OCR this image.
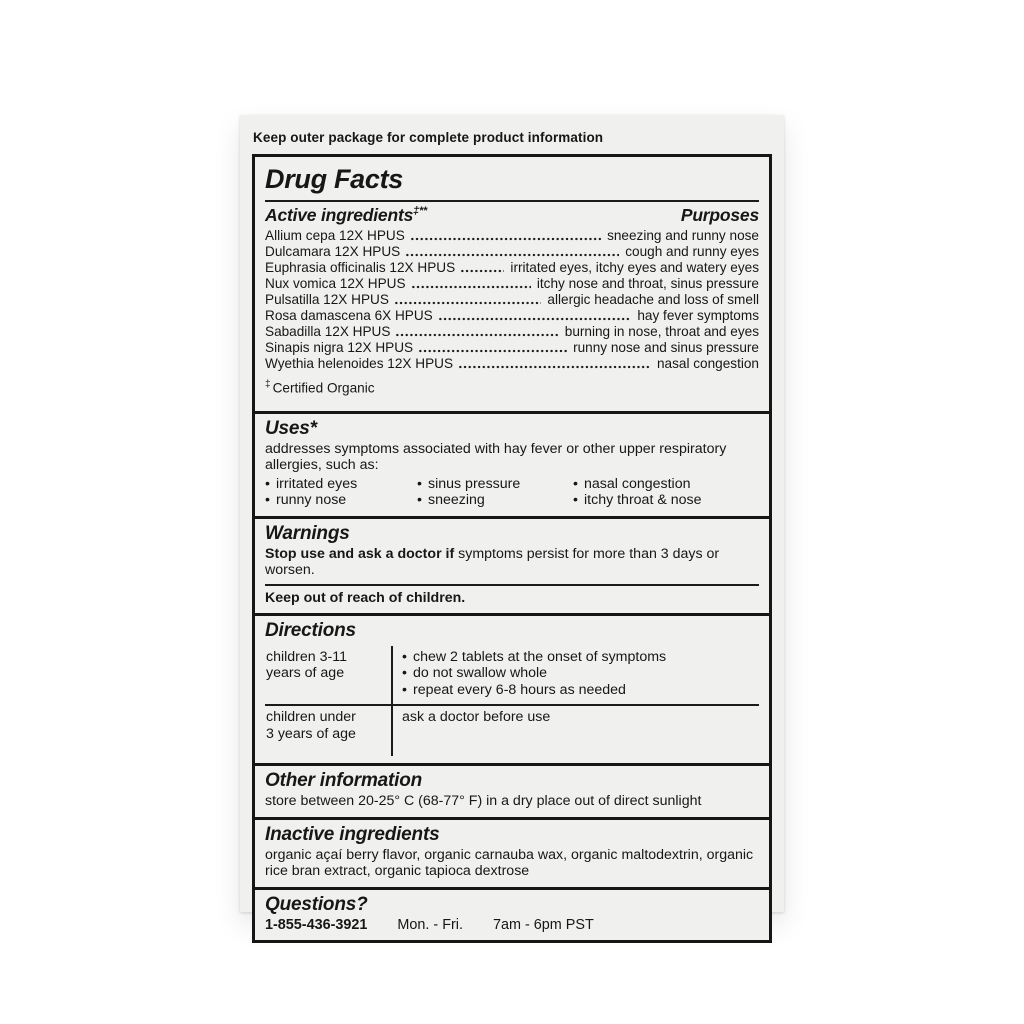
Keep outer package for complete product information
Drug Facts
Active ingredients‡**	Purposes
Allium cepa 12X HPUS	sneezing and runny nose
Dulcamara 12X HPUS	cough and runny eyes
Euphrasia officinalis 12X HPUS	irritated eyes, itchy eyes and watery eyes
Nux vomica 12X HPUS	itchy nose and throat, sinus pressure
Pulsatilla 12X HPUS	allergic headache and loss of smell
Rosa damascena 6X HPUS	hay fever symptoms
Sabadilla 12X HPUS	burning in nose, throat and eyes
Sinapis nigra 12X HPUS	runny nose and sinus pressure
Wyethia helenoides 12X HPUS	nasal congestion
‡ Certified Organic
Uses*
addresses symptoms associated with hay fever or other upper respiratory allergies, such as:
• irritated eyes
• runny nose
• sinus pressure
• sneezing
• nasal congestion
• itchy throat & nose
Warnings
Stop use and ask a doctor if symptoms persist for more than 3 days or worsen.
Keep out of reach of children.
Directions
children 3-11 years of age
• chew 2 tablets at the onset of symptoms
• do not swallow whole
• repeat every 6-8 hours as needed
children under 3 years of age
ask a doctor before use
Other information
store between 20-25° C (68-77° F) in a dry place out of direct sunlight
Inactive ingredients
organic açaí berry flavor, organic carnauba wax, organic maltodextrin, organic rice bran extract, organic tapioca dextrose
Questions?
1-855-436-3921 Mon. - Fri. 7am - 6pm PST
